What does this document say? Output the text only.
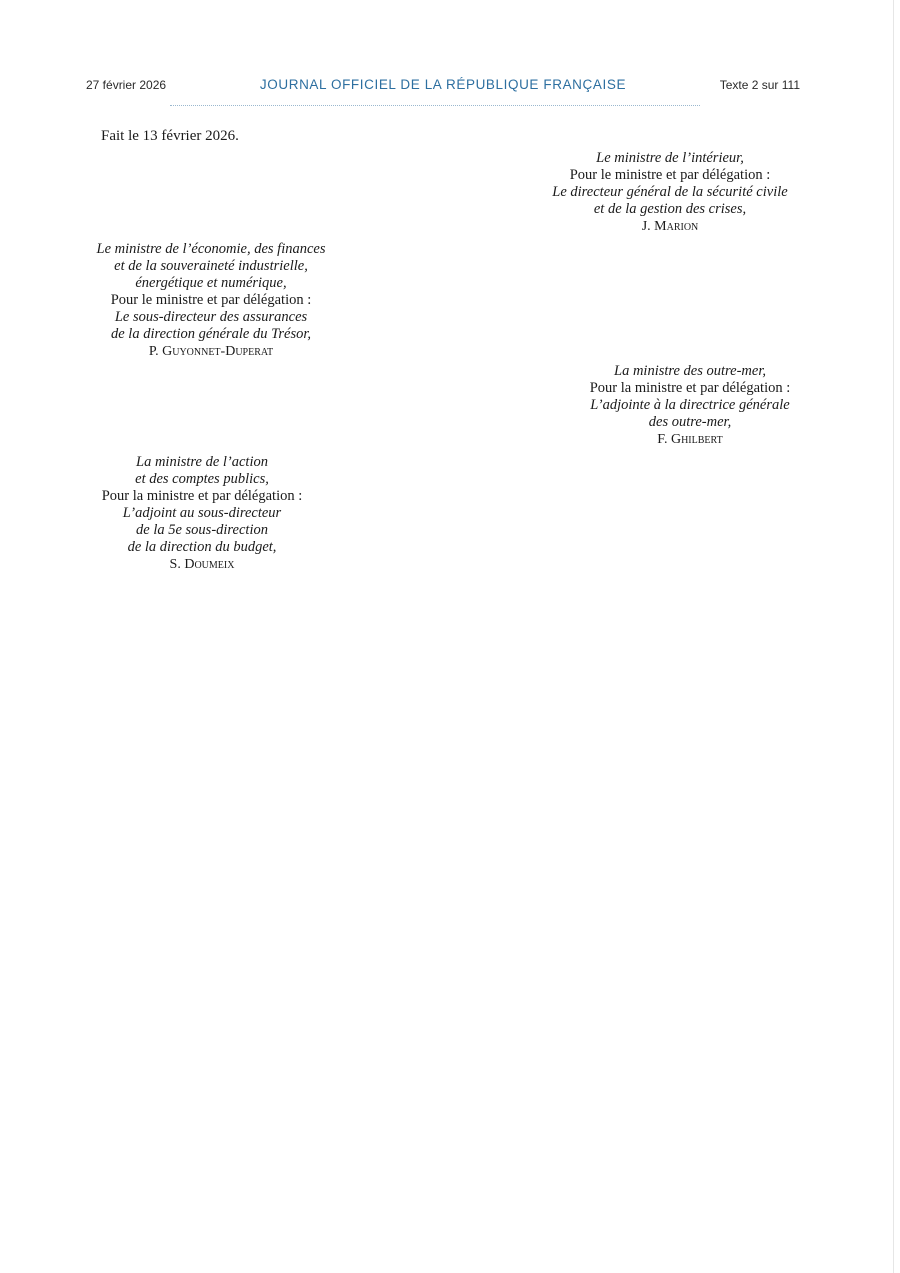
27 février 2026	JOURNAL OFFICIEL DE LA RÉPUBLIQUE FRANÇAISE	Texte 2 sur 111
Fait le 13 février 2026.
Le ministre de l’intérieur,
Pour le ministre et par délégation :
Le directeur général de la sécurité civile
et de la gestion des crises,
J. Marion
Le ministre de l’économie, des finances
et de la souveraineté industrielle,
énergétique et numérique,
Pour le ministre et par délégation :
Le sous-directeur des assurances
de la direction générale du Trésor,
P. Guyonnet-Duperat
La ministre des outre-mer,
Pour la ministre et par délégation :
L’adjointe à la directrice générale
des outre-mer,
F. Ghilbert
La ministre de l’action
et des comptes publics,
Pour la ministre et par délégation :
L’adjoint au sous-directeur
de la 5e sous-direction
de la direction du budget,
S. Doumeix
